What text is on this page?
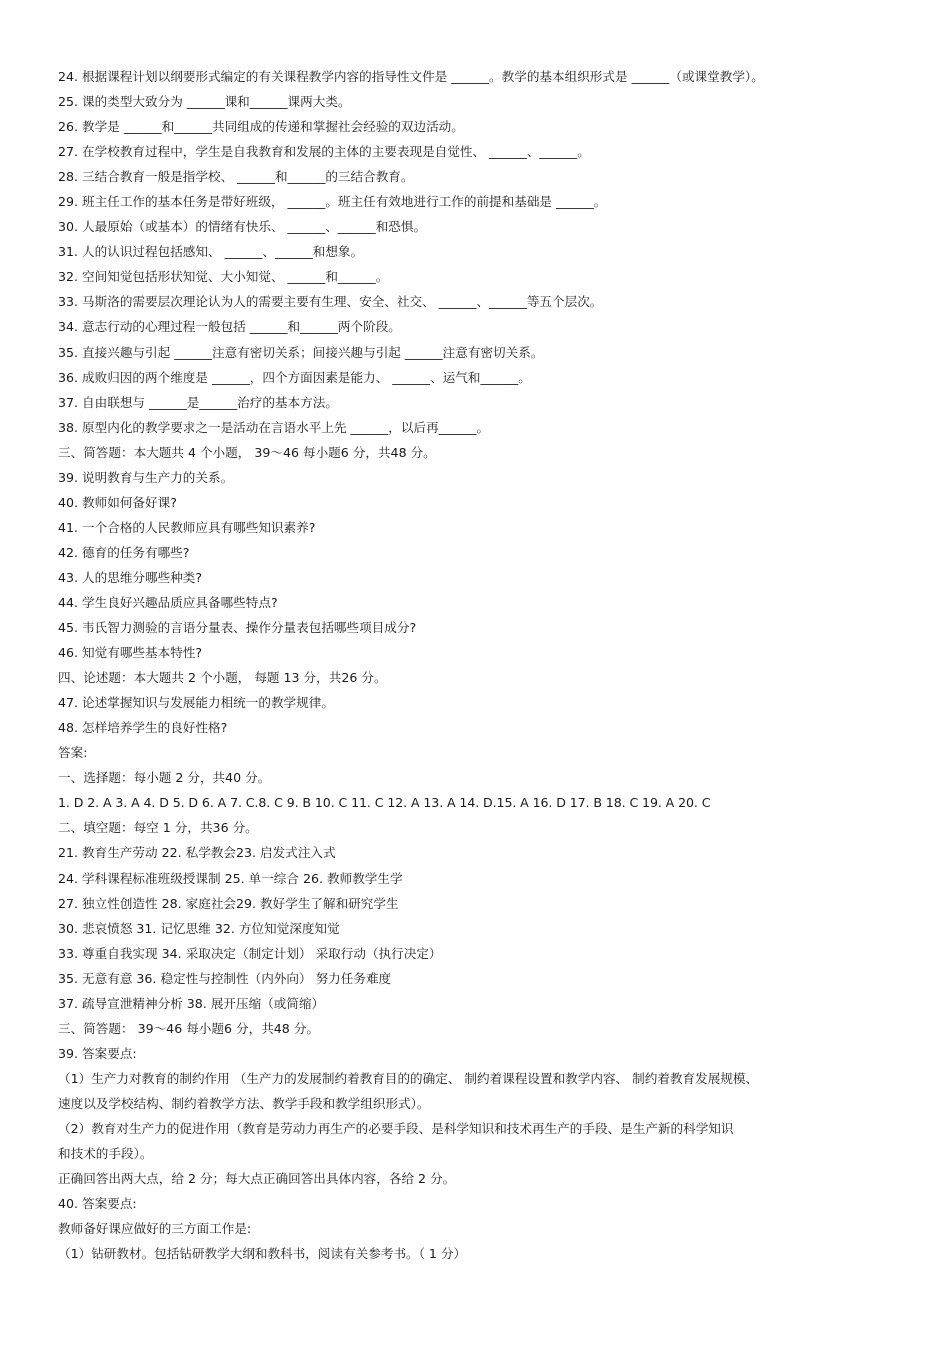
24. 根据课程计划以纲要形式编定的有关课程教学内容的指导性文件是 ______。教学的基本组织形式是 ______（或课堂教学）。
25. 课的类型大致分为 ______课和______课两大类。
26. 教学是 ______和______共同组成的传递和掌握社会经验的双边活动。
27. 在学校教育过程中，学生是自我教育和发展的主体的主要表现是自觉性、 ______、______。
28. 三结合教育一般是指学校、 ______和______的三结合教育。
29. 班主任工作的基本任务是带好班级， ______。班主任有效地进行工作的前提和基础是 ______。
30. 人最原始（或基本）的情绪有快乐、 ______、______和恐惧。
31. 人的认识过程包括感知、 ______、______和想象。
32. 空间知觉包括形状知觉、大小知觉、 ______和______。
33. 马斯洛的需要层次理论认为人的需要主要有生理、安全、社交、 ______、______等五个层次。
34. 意志行动的心理过程一般包括 ______和______两个阶段。
35. 直接兴趣与引起 ______注意有密切关系；间接兴趣与引起 ______注意有密切关系。
36. 成败归因的两个维度是 ______，四个方面因素是能力、 ______、运气和______。
37. 自由联想与 ______是______治疗的基本方法。
38. 原型内化的教学要求之一是活动在言语水平上先 ______，以后再______。
三、简答题：本大题共 4 个小题， 39～46 每小题6 分，共48 分。
39. 说明教育与生产力的关系。
40. 教师如何备好课?
41. 一个合格的人民教师应具有哪些知识素养?
42. 德育的任务有哪些?
43. 人的思维分哪些种类?
44. 学生良好兴趣品质应具备哪些特点?
45. 韦氏智力测验的言语分量表、操作分量表包括哪些项目成分?
46. 知觉有哪些基本特性?
四、论述题：本大题共 2 个小题， 每题 13 分，共26 分。
47. 论述掌握知识与发展能力相统一的教学规律。
48. 怎样培养学生的良好性格?
答案:
一、选择题：每小题 2 分，共40 分。
1. D 2. A 3. A 4. D 5. D 6. A 7. C.8. C 9. B 10. C 11. C 12. A 13. A 14. D.15. A 16. D 17. B 18. C 19. A 20. C
二、填空题：每空 1 分，共36 分。
21. 教育生产劳动 22. 私学教会23. 启发式注入式
24. 学科课程标准班级授课制 25. 单一综合 26. 教师教学生学
27. 独立性创造性 28. 家庭社会29. 教好学生了解和研究学生
30. 悲哀愤怒 31. 记忆思维 32. 方位知觉深度知觉
33. 尊重自我实现 34. 采取决定（制定计划） 采取行动（执行决定）
35. 无意有意 36. 稳定性与控制性（内外向） 努力任务难度
37. 疏导宣泄精神分析 38. 展开压缩（或简缩）
三、简答题： 39～46 每小题6 分，共48 分。
39. 答案要点:
（1）生产力对教育的制约作用 （生产力的发展制约着教育目的的确定、 制约着课程设置和教学内容、 制约着教育发展规模、
速度以及学校结构、制约着教学方法、教学手段和教学组织形式）。
（2）教育对生产力的促进作用（教育是劳动力再生产的必要手段、是科学知识和技术再生产的手段、是生产新的科学知识
和技术的手段）。
正确回答出两大点，给 2 分；每大点正确回答出具体内容，各给 2 分。
40. 答案要点:
教师备好课应做好的三方面工作是:
（1）钻研教材。包括钻研教学大纲和教科书，阅读有关参考书。（ 1 分）
